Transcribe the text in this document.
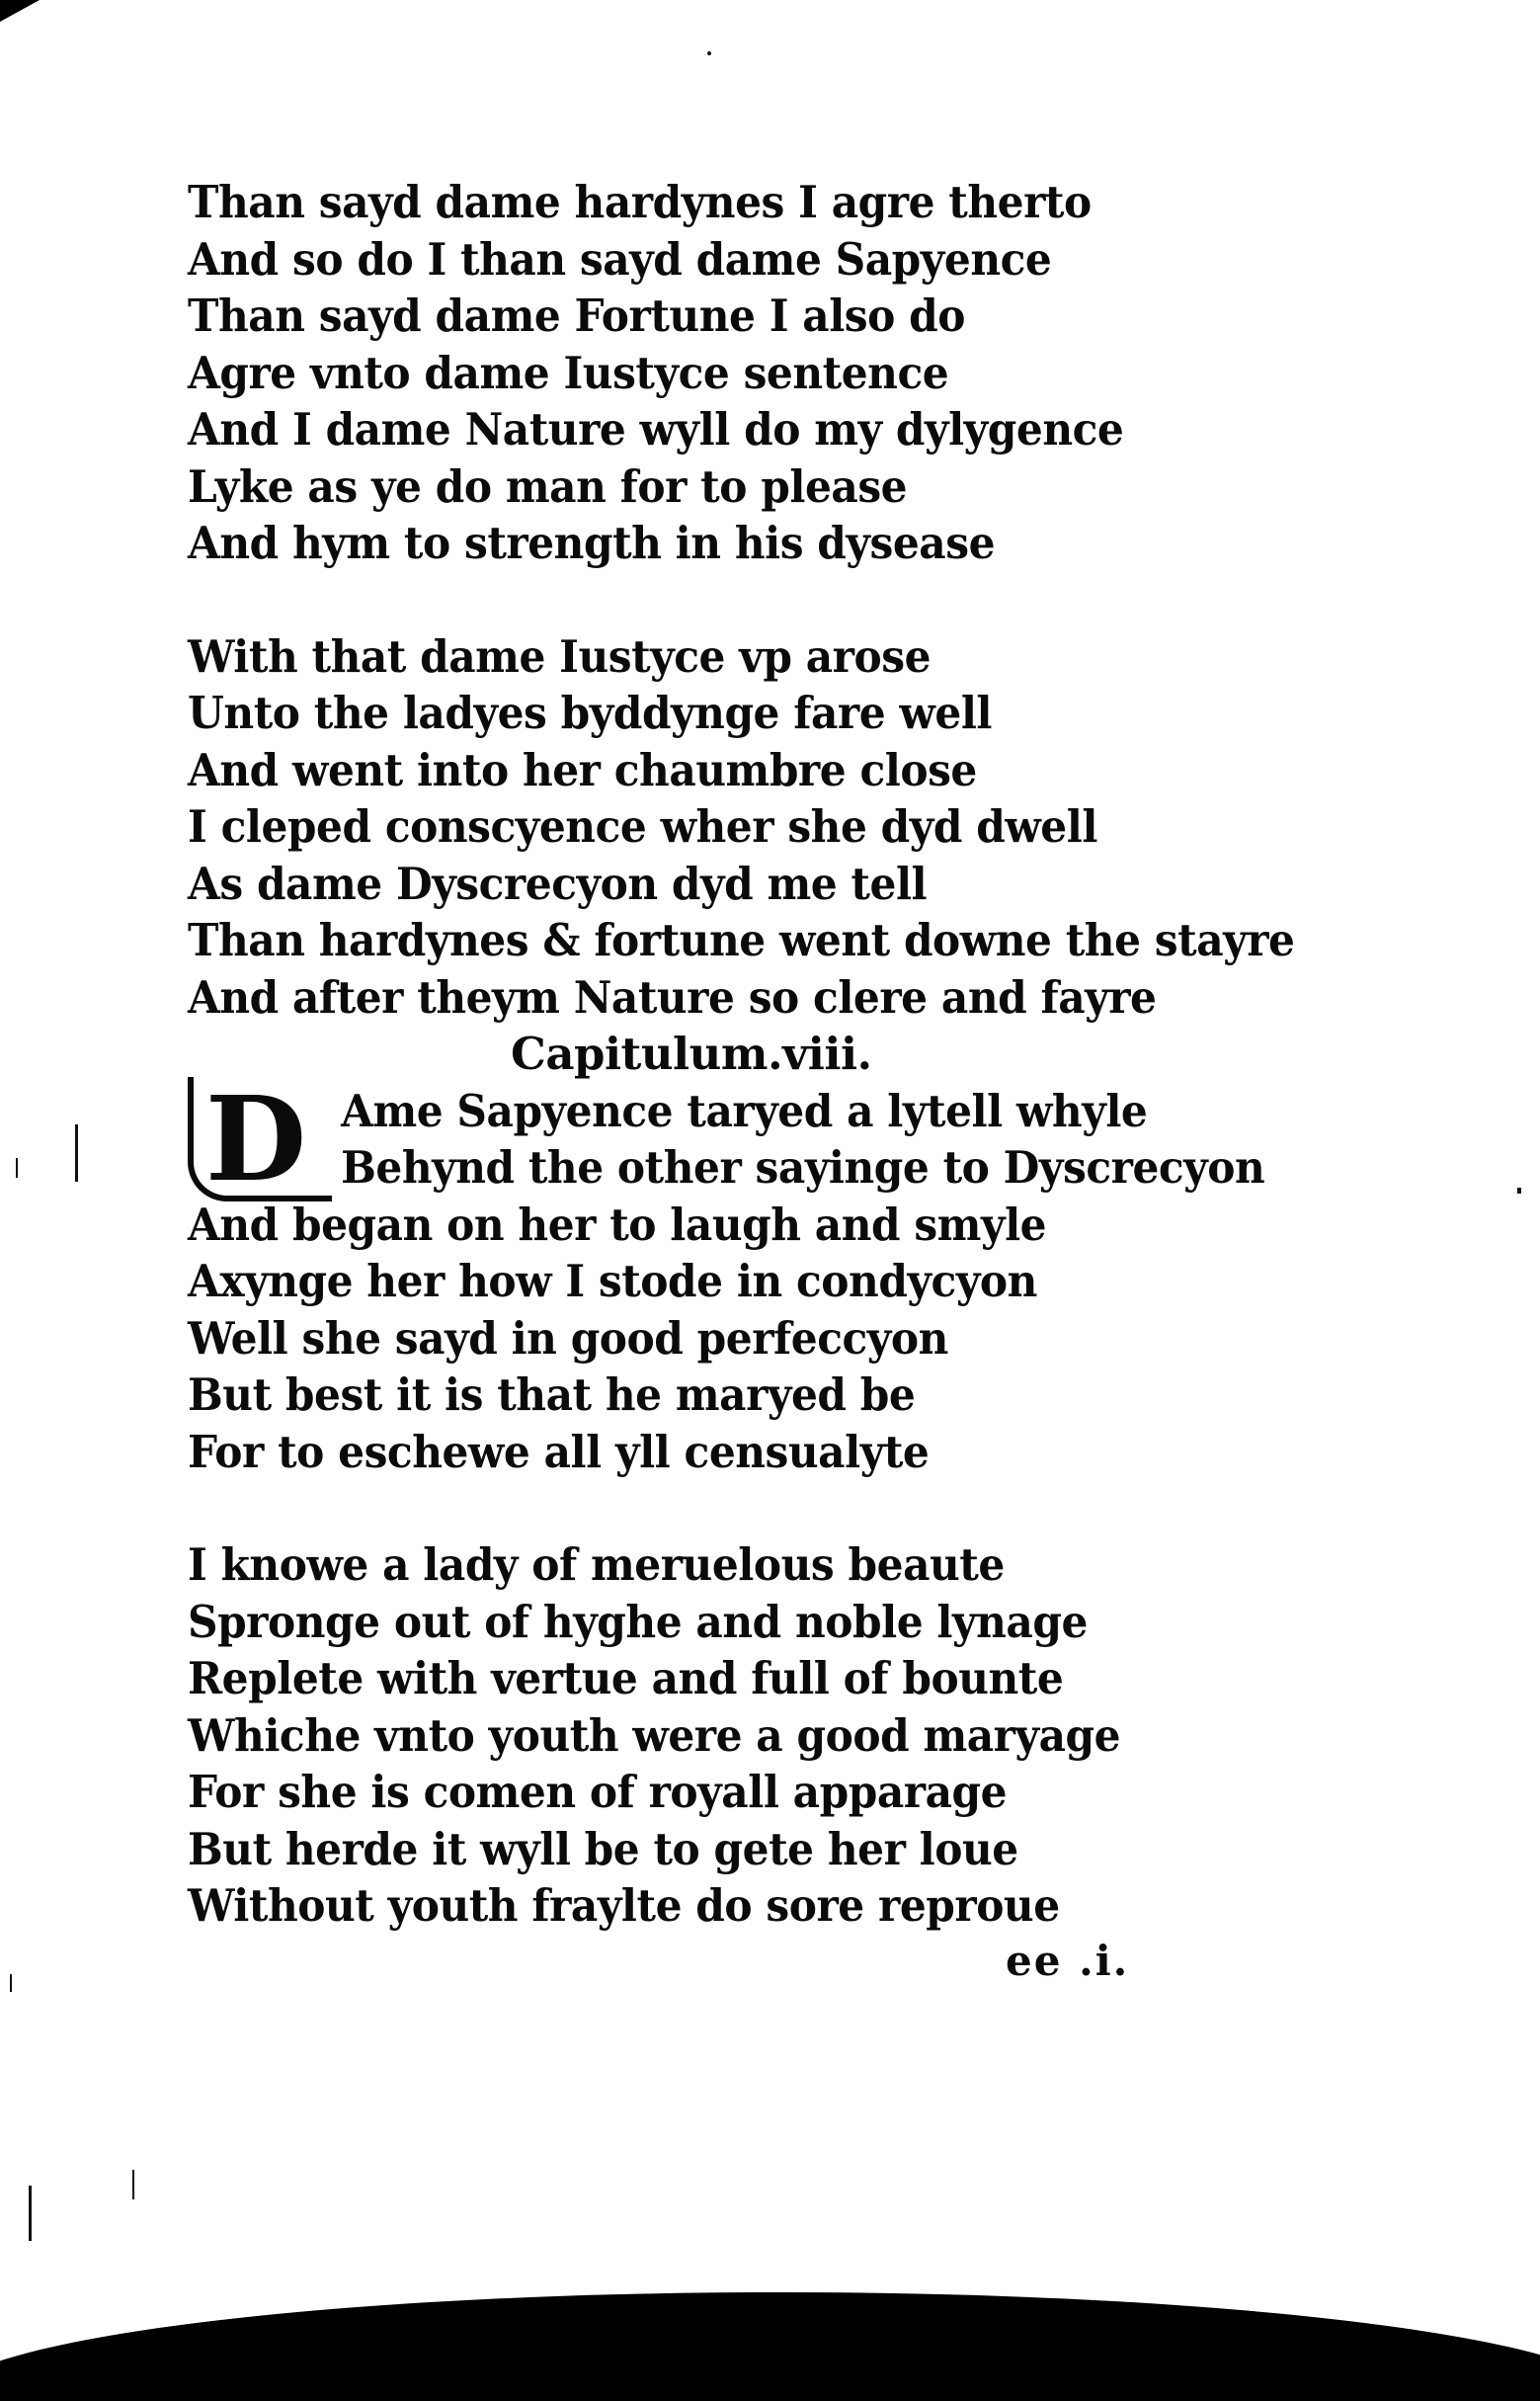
Than sayd dame hardynes I agre therto
And so do I than sayd dame Sapyence
Than sayd dame Fortune I also do
Agre vnto dame Iustyce sentence
And I dame Nature wyll do my dylygence
Lyke as ye do man for to please
And hym to strength in his dysease
With that dame Iustyce vp arose
Unto the ladyes byddynge fare well
And went into her chaumbre close
I cleped conscyence wher she dyd dwell
As dame Dyscrecyon dyd me tell
Than hardynes & fortune went downe the stayre
And after theym Nature so clere and fayre
Capitulum.viii.
D Ame Sapyence taryed a lytell whyle
Behynd the other sayinge to Dyscrecyon
And began on her to laugh and smyle
Axynge her how I stode in condycyon
Well she sayd in good perfeccyon
But best it is that he maryed be
For to eschewe all yll censualyte
I knowe a lady of meruelous beaute
Spronge out of hyghe and noble lynage
Replete with vertue and full of bounte
Whiche vnto youth were a good maryage
For she is comen of royall apparage
But herde it wyll be to gete her loue
Without youth fraylte do sore reproue
ee .i.
